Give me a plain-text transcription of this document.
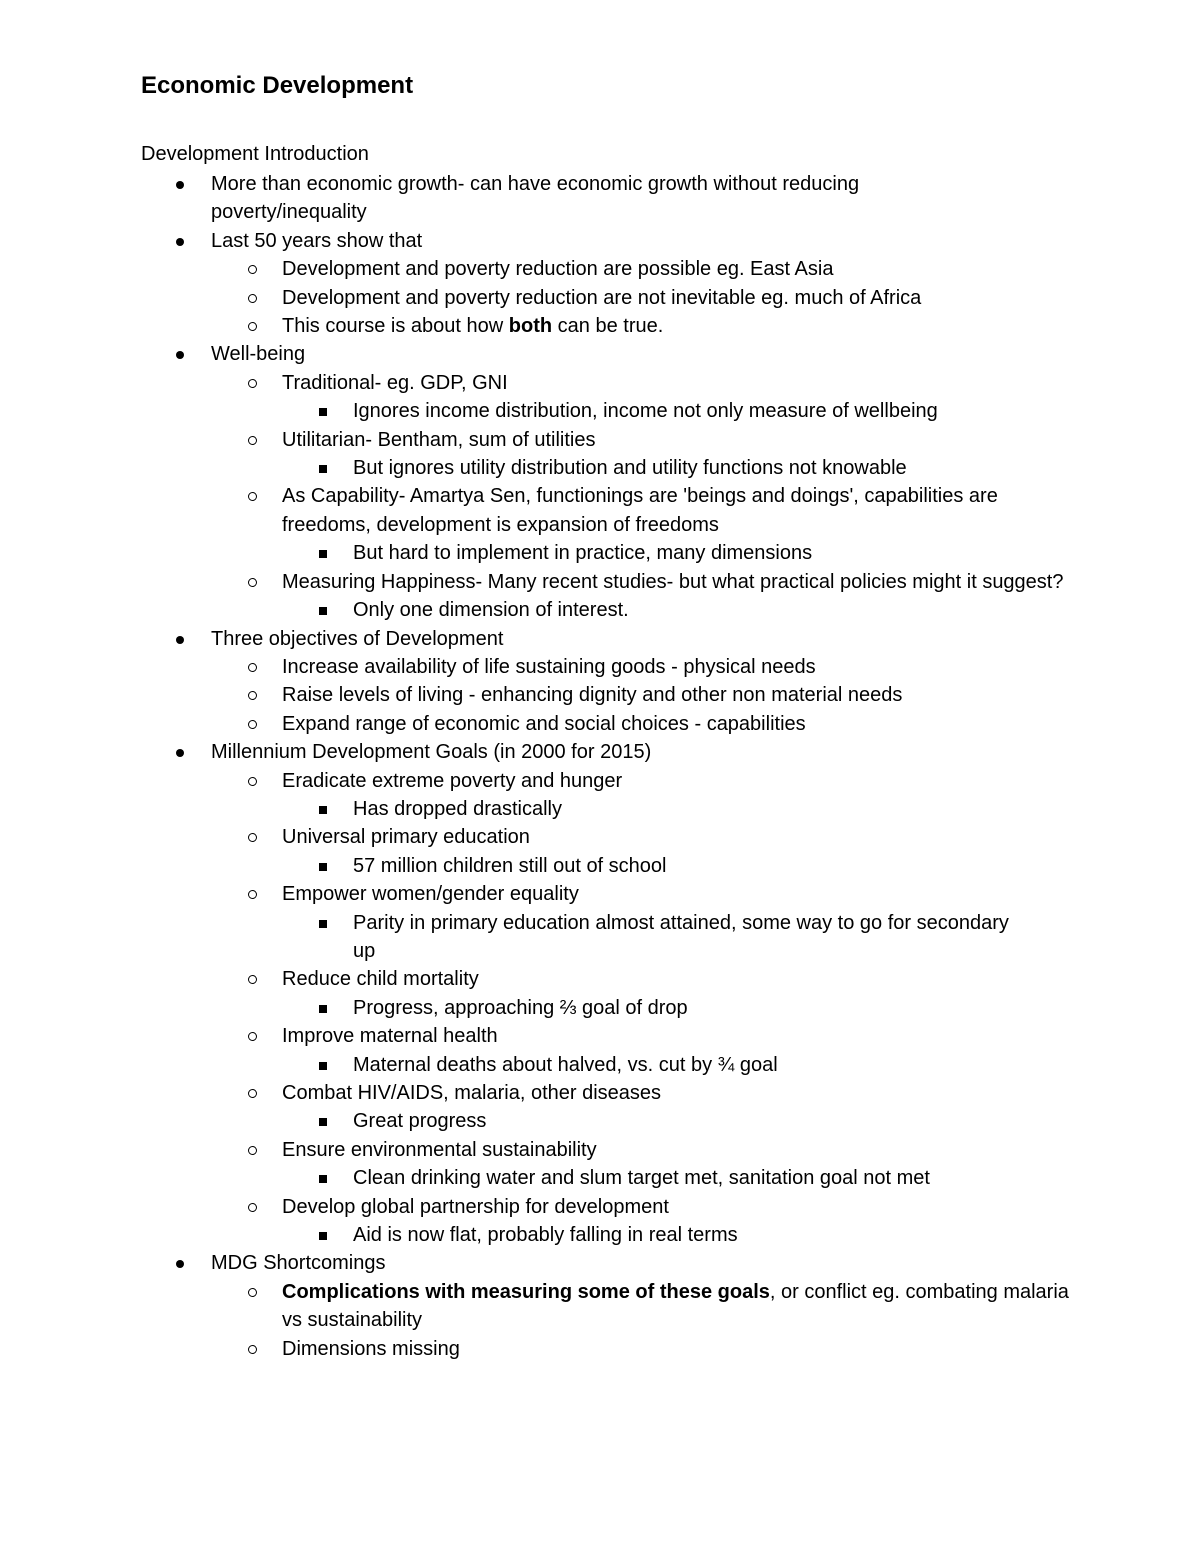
Economic Development

Development Introduction

More than economic growth- can have economic growth without reducing poverty/inequality
Last 50 years show that
Development and poverty reduction are possible eg. East Asia
Development and poverty reduction are not inevitable eg. much of Africa
This course is about how both can be true.
Well-being
Traditional- eg. GDP, GNI
Ignores income distribution, income not only measure of wellbeing
Utilitarian- Bentham, sum of utilities
But ignores utility distribution and utility functions not knowable
As Capability- Amartya Sen, functionings are 'beings and doings', capabilities are freedoms, development is expansion of freedoms
But hard to implement in practice, many dimensions
Measuring Happiness- Many recent studies- but what practical policies might it suggest?
Only one dimension of interest.
Three objectives of Development
Increase availability of life sustaining goods - physical needs
Raise levels of living - enhancing dignity and other non material needs
Expand range of economic and social choices - capabilities
Millennium Development Goals (in 2000 for 2015)
Eradicate extreme poverty and hunger
Has dropped drastically
Universal primary education
57 million children still out of school
Empower women/gender equality
Parity in primary education almost attained, some way to go for secondary up
Reduce child mortality
Progress, approaching ⅔ goal of drop
Improve maternal health
Maternal deaths about halved, vs. cut by ¾ goal
Combat HIV/AIDS, malaria, other diseases
Great progress
Ensure environmental sustainability
Clean drinking water and slum target met, sanitation goal not met
Develop global partnership for development
Aid is now flat, probably falling in real terms
MDG Shortcomings
Complications with measuring some of these goals, or conflict eg. combating malaria vs sustainability
Dimensions missing
